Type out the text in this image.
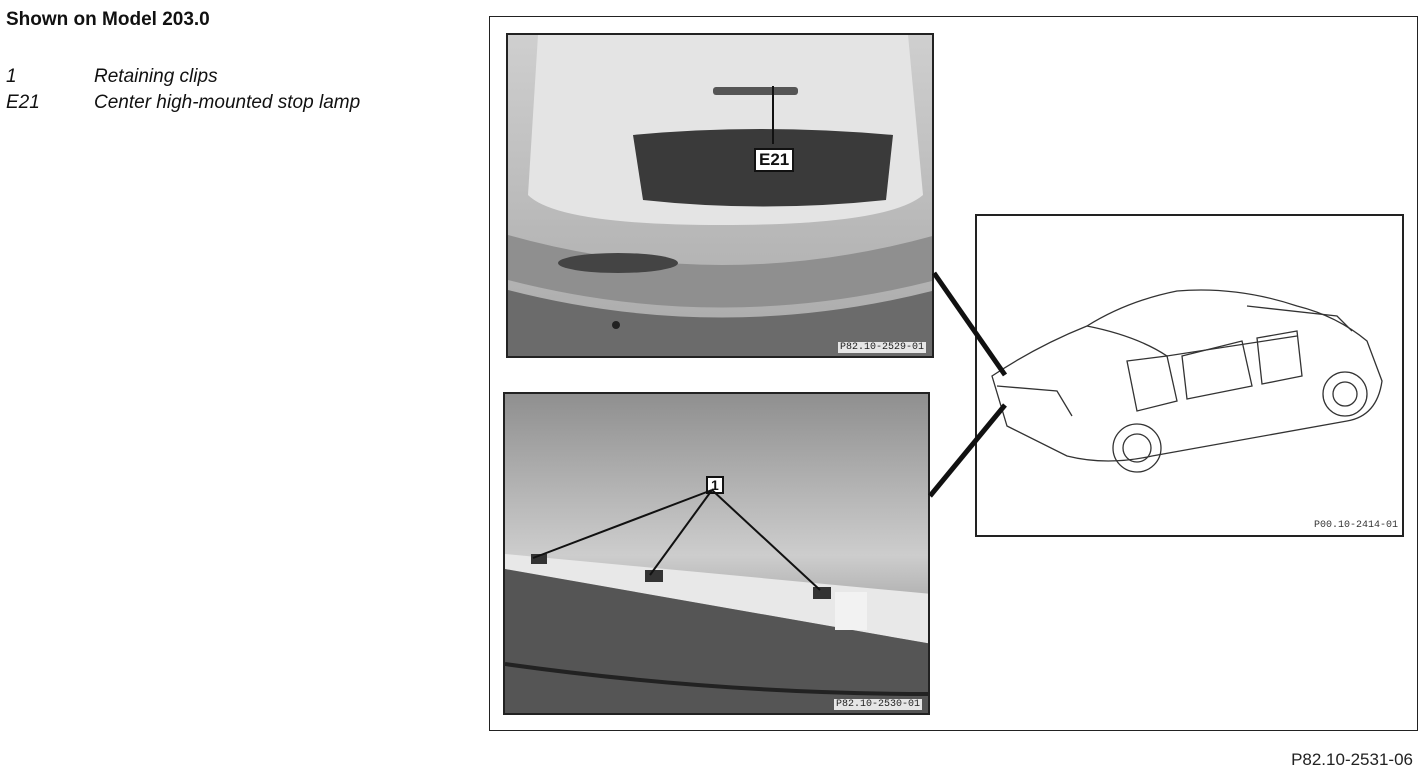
Shown on Model 203.0
1	Retaining clips
E21	Center high-mounted stop lamp
E21
P82.10-2529-01
1
P82.10-2530-01
P00.10-2414-01
P82.10-2531-06
